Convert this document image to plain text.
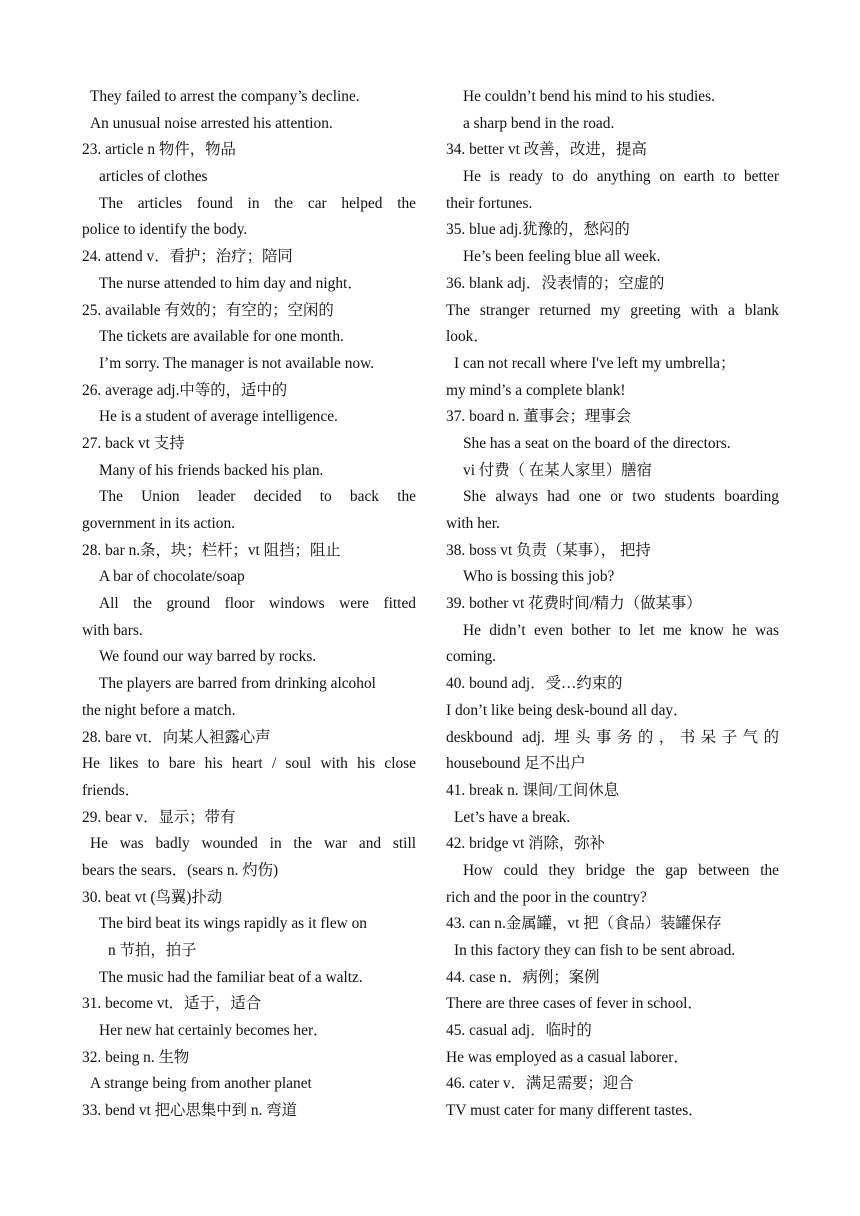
They failed to arrest the company’s decline.
An unusual noise arrested his attention.
23. article n 物件，物品
articles of clothes
The articles found in the car helped the
police to identify the body.
24. attend v．看护；治疗；陪同
The nurse attended to him day and night．
25. available 有效的；有空的；空闲的
The tickets are available for one month.
I’m sorry. The manager is not available now.
26. average adj.中等的，适中的
He is a student of average intelligence.
27. back vt 支持
Many of his friends backed his plan.
The Union leader decided to back the
government in its action.
28. bar n.条，块；栏杆；vt 阻挡；阻止
A bar of chocolate/soap
All the ground floor windows were fitted
with bars.
We found our way barred by rocks.
The players are barred from drinking alcohol
the night before a match.
28. bare vt．向某人袒露心声
He likes to bare his heart / soul with his close
friends．
29. bear v．显示；带有
He was badly wounded in the war and still
bears the sears．(sears n. 灼伤)
30. beat vt (鸟翼)扑动
The bird beat its wings rapidly as it flew on
n 节拍，拍子
The music had the familiar beat of a waltz.
31. become vt．适于，适合
Her new hat certainly becomes her．
32. being n. 生物
A strange being from another planet
33. bend vt 把心思集中到 n. 弯道
He couldn’t bend his mind to his studies.
a sharp bend in the road.
34. better vt 改善，改进，提高
He is ready to do anything on earth to better
their fortunes.
35. blue adj.犹豫的，愁闷的
He’s been feeling blue all week.
36. blank adj．没表情的；空虚的
The stranger returned my greeting with a blank
look．
I can not recall where I've left my umbrella；
my mind’s a complete blank!
37. board n. 董事会；理事会
She has a seat on the board of the directors.
vi 付费（ 在某人家里）膳宿
She always had one or two students boarding
with her.
38. boss vt 负责（某事）， 把持
Who is bossing this job?
39. bother vt 花费时间/精力（做某事）
He didn’t even bother to let me know he was
coming.
40. bound adj．受…约束的
I don’t like being desk-bound all day．
deskbound adj. 埋头事务的，书呆子气的
housebound 足不出户
41. break n. 课间/工间休息
Let’s have a break.
42. bridge vt 消除，弥补
How could they bridge the gap between the
rich and the poor in the country?
43. can n.金属罐，vt 把（食品）装罐保存
In this factory they can fish to be sent abroad.
44. case n．病例；案例
There are three cases of fever in school．
45. casual adj．临时的
He was employed as a casual laborer．
46. cater v．满足需要；迎合
TV must cater for many different tastes．
